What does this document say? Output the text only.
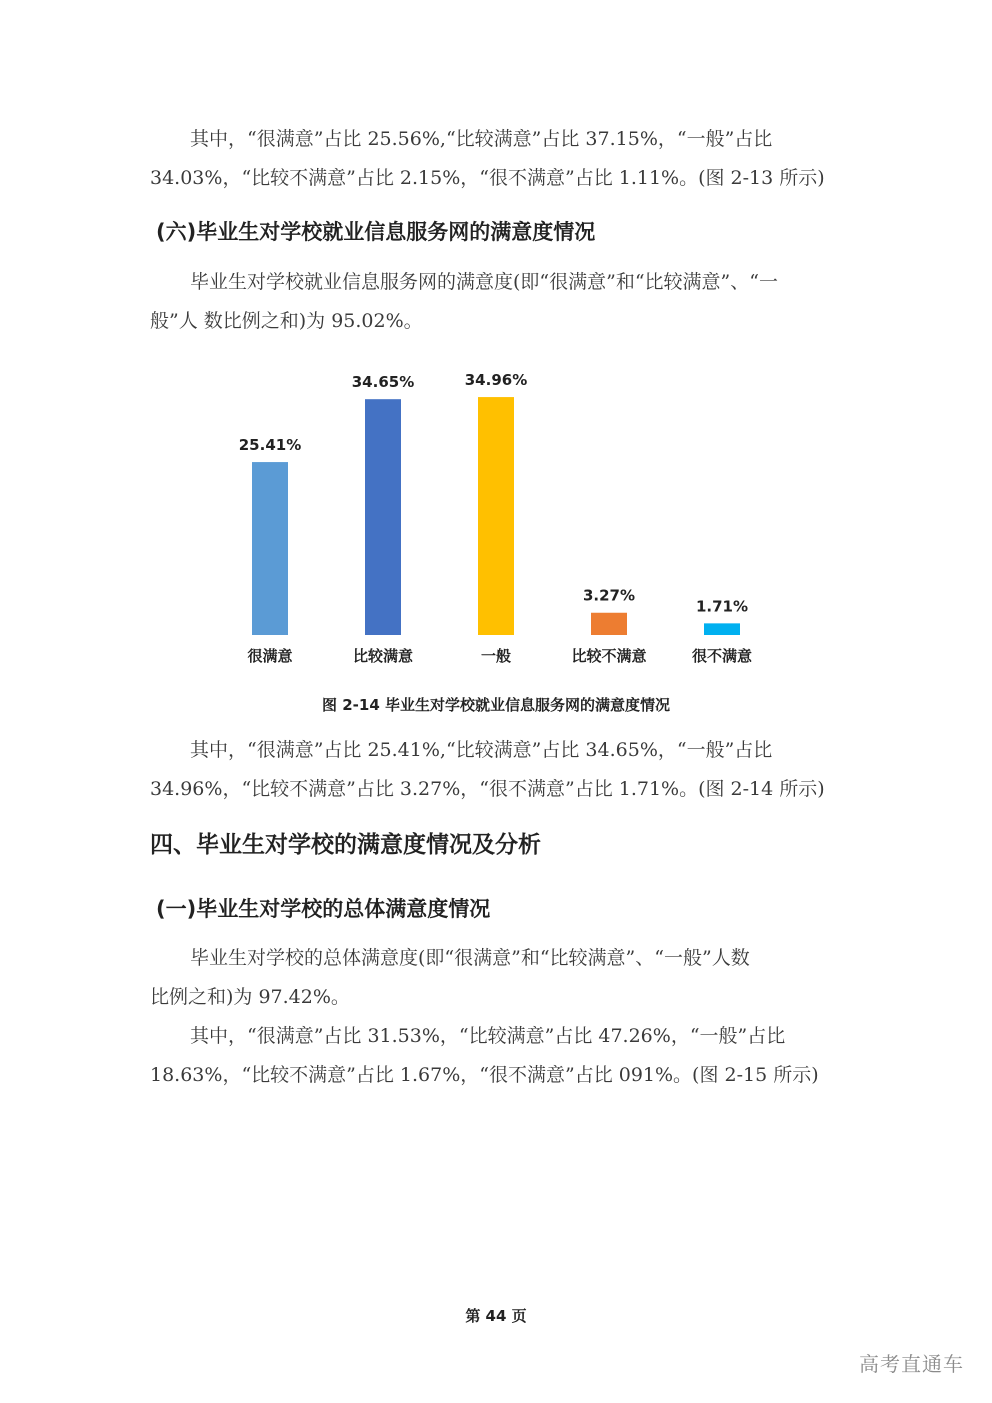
其中，“很满意”占比 25.56%,“比较满意”占比 37.15%，“一般”占比
34.03%，“比较不满意”占比 2.15%，“很不满意”占比 1.11%。(图 2-13 所示)

(六)毕业生对学校就业信息服务网的满意度情况

毕业生对学校就业信息服务网的满意度(即“很满意”和“比较满意”、“一
般”人 数比例之和)为 95.02%。

25.41%
很满意
34.65%
比较满意
34.96%
一般
3.27%
比较不满意
1.71%
很不满意
图 2-14 毕业生对学校就业信息服务网的满意度情况

其中，“很满意”占比 25.41%,“比较满意”占比 34.65%，“一般”占比
34.96%，“比较不满意”占比 3.27%，“很不满意”占比 1.71%。(图 2-14 所示)

四、毕业生对学校的满意度情况及分析
(一)毕业生对学校的总体满意度情况

毕业生对学校的总体满意度(即“很满意”和“比较满意”、“一般”人数
比例之和)为 97.42%。

其中，“很满意”占比 31.53%，“比较满意”占比 47.26%，“一般”占比
18.63%，“比较不满意”占比 1.67%，“很不满意”占比 091%。(图 2-15 所示)

第 44 页
高考直通车
